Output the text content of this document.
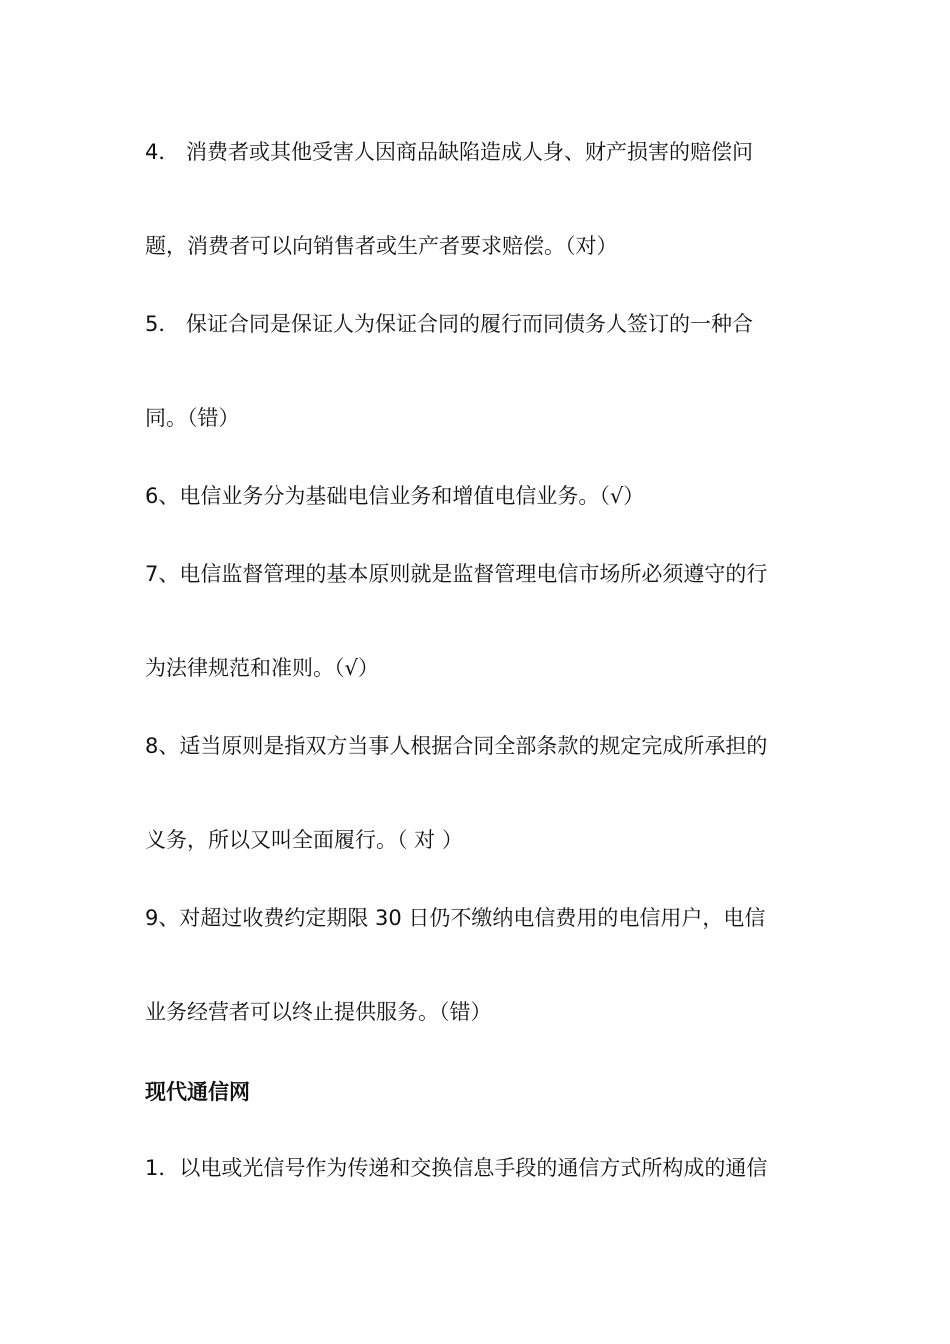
4． 消费者或其他受害人因商品缺陷造成人身、财产损害的赔偿问
题，消费者可以向销售者或生产者要求赔偿。（对）
5． 保证合同是保证人为保证合同的履行而同债务人签订的一种合
同。（错）
6、电信业务分为基础电信业务和增值电信业务。（√）
7、电信监督管理的基本原则就是监督管理电信市场所必须遵守的行
为法律规范和准则。（√）
8、适当原则是指双方当事人根据合同全部条款的规定完成所承担的
义务，所以又叫全面履行。（ 对 ）
9、对超过收费约定期限 30 日仍不缴纳电信费用的电信用户，电信
业务经营者可以终止提供服务。（错）
现代通信网
1．以电或光信号作为传递和交换信息手段的通信方式所构成的通信
